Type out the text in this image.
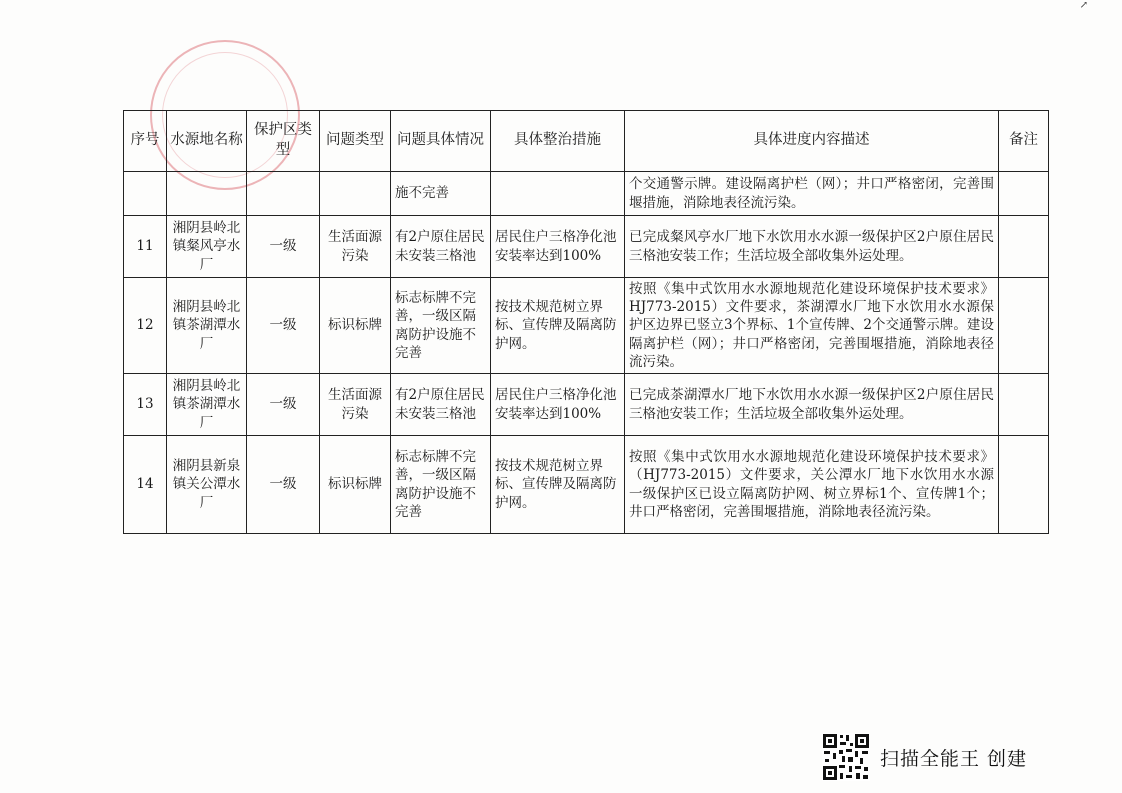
↗
序号	水源地名称	保护区类型	问题类型	问题具体情况	具体整治措施	具体进度内容描述	备注
				施不完善		个交通警示牌。建设隔离护栏（网）；井口严格密闭，完善围堰措施，消除地表径流污染。	
11	湘阴县岭北镇粲风亭水厂	一级	生活面源污染	有2户原住居民未安装三格池	居民住户三格净化池安装率达到100%	已完成粲风亭水厂地下水饮用水水源一级保护区2户原住居民三格池安装工作；生活垃圾全部收集外运处理。	
12	湘阴县岭北镇茶湖潭水厂	一级	标识标牌	标志标牌不完善，一级区隔离防护设施不完善	按技术规范树立界标、宣传牌及隔离防护网。	按照《集中式饮用水水源地规范化建设环境保护技术要求》HJ773-2015）文件要求，茶湖潭水厂地下水饮用水水源保护区边界已竖立3个界标、1个宣传牌、2个交通警示牌。建设隔离护栏（网）；井口严格密闭，完善围堰措施，消除地表径流污染。	
13	湘阴县岭北镇茶湖潭水厂	一级	生活面源污染	有2户原住居民未安装三格池	居民住户三格净化池安装率达到100%	已完成茶湖潭水厂地下水饮用水水源一级保护区2户原住居民三格池安装工作；生活垃圾全部收集外运处理。	
14	湘阴县新泉镇关公潭水厂	一级	标识标牌	标志标牌不完善，一级区隔离防护设施不完善	按技术规范树立界标、宣传牌及隔离防护网。	按照《集中式饮用水水源地规范化建设环境保护技术要求》（HJ773-2015）文件要求，关公潭水厂地下水饮用水水源一级保护区已设立隔离防护网、树立界标1个、宣传牌1个；井口严格密闭，完善围堰措施，消除地表径流污染。	
扫描全能王 创建
